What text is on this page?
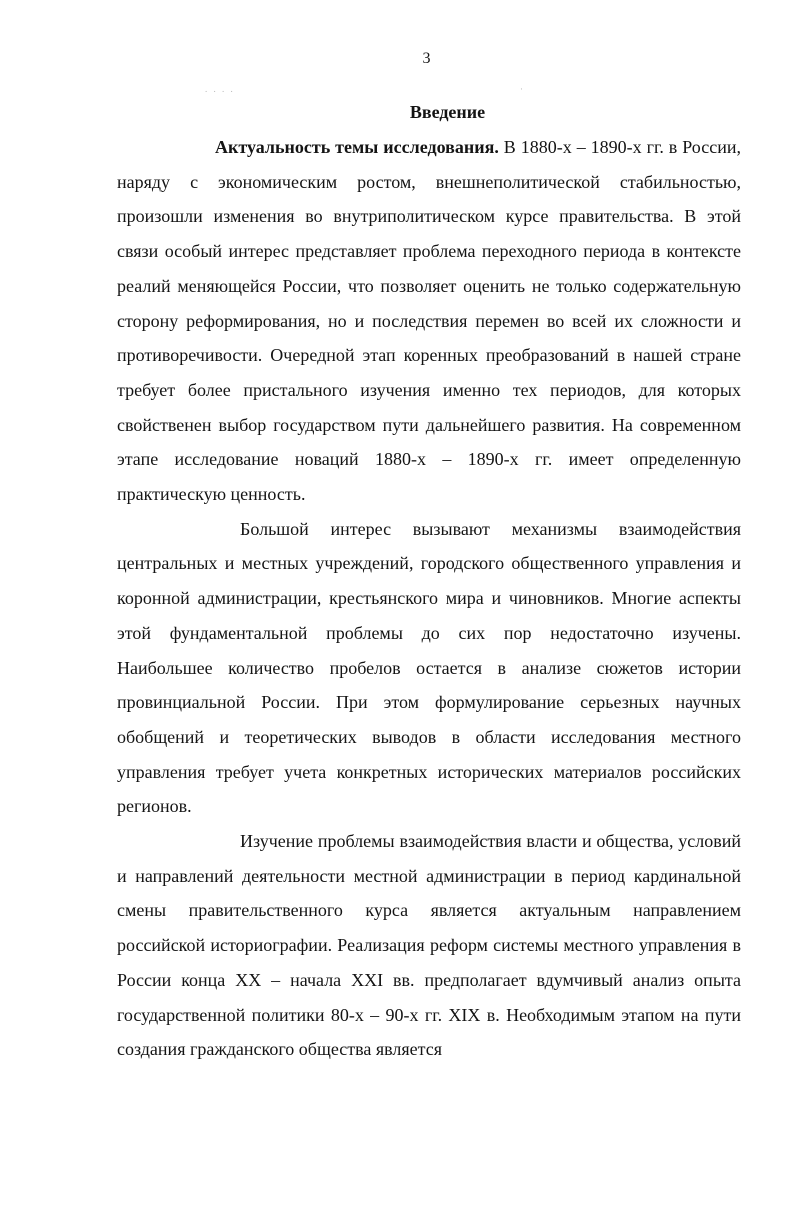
3
. . . .	·
Введение

Актуальность темы исследования. В 1880-х – 1890-х гг. в России, наряду с экономическим ростом, внешнеполитической стабильностью, произошли изменения во внутриполитическом курсе правительства. В этой связи особый интерес представляет проблема переходного периода в контексте реалий меняющейся России, что позволяет оценить не только содержательную сторону реформирования, но и последствия перемен во всей их сложности и противоречивости. Очередной этап коренных преобразований в нашей стране требует более пристального изучения именно тех периодов, для которых свойственен выбор государством пути дальнейшего развития. На современном этапе исследование новаций 1880-х – 1890-х гг. имеет определенную практическую ценность.

Большой интерес вызывают механизмы взаимодействия центральных и местных учреждений, городского общественного управления и коронной администрации, крестьянского мира и чиновников. Многие аспекты этой фундаментальной проблемы до сих пор недостаточно изучены. Наибольшее количество пробелов остается в анализе сюжетов истории провинциальной России. При этом формулирование серьезных научных обобщений и теоретических выводов в области исследования местного управления требует учета конкретных исторических материалов российских регионов.

Изучение проблемы взаимодействия власти и общества, условий и направлений деятельности местной администрации в период кардинальной смены правительственного курса является актуальным направлением российской историографии. Реализация реформ системы местного управления в России конца XX – начала XXI вв. предполагает вдумчивый анализ опыта государственной политики 80-х – 90-х гг. XIX в. Необходимым этапом на пути создания гражданского общества является
